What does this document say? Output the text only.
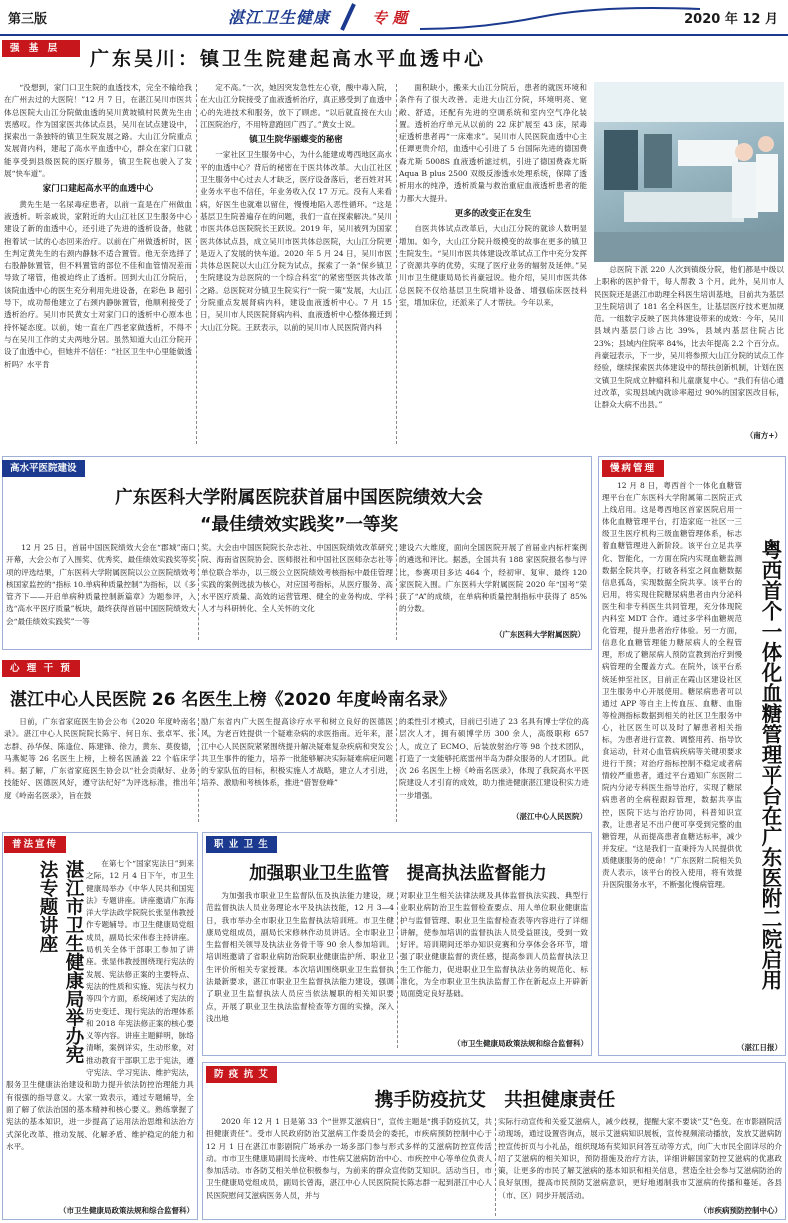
第三版	湛江卫生健康	专 题	2020 年 12 月
强 基 层	广东吴川：镇卫生院建起高水平血透中心

“没想到，家门口卫生院的血透技术，完全不输给我在广州去过的大医院！”12 月 7 日，在湛江吴川市医共体总医院大山江分院做血透的吴川黄坡镇村民黄先生由衷感叹。作为国家医共体试点县，吴川在试点建设中，探索出一条独特的镇卫生院发展之路。大山江分院重点发展肾内科，建起了高水平血透中心，群众在家门口就能享受到县级医院的医疗服务，镇卫生院也驶入了发展“快车道”。

家门口建起高水平的血透中心

黄先生是一名尿毒症患者，以前一直是在广州做血液透析。听亲戚说，家附近的大山江社区卫生服务中心建设了新的血透中心，还引进了先进的透析设备，他就抱着试一试的心态回来治疗。以前在广州做透析时，医生判定黄先生的右颈内静脉不适合置管。他无奈选择了右股静脉置管，但不料置管的部位不佳和血管情况差而导致了堵管，他被迫终止了透析。回到大山江分院后，该院血透中心的医生充分利用先进设备，在彩色 B 超引导下，成功帮他建立了右颈内静脉置管，他顺利接受了透析治疗。吴川市民黄女士对家门口的透析中心原本也持怀疑态度。以前，她一直在广西老家做透析，不得不与在吴川工作的丈夫两地分居。虽然知道大山江分院开设了血透中心，但她并不信任：“社区卫生中心里能做透析吗？水平肯

定不高。”一次，她因突发急性左心衰，酸中毒入院，在大山江分院接受了血液透析治疗，真正感受到了血透中心的先进技术和服务，放下了顾虑。“以后就直接在大山江医院治疗，不用特意跑回广西了。”黄女士说。

镇卫生院华丽蝶变的秘密

一家社区卫生服务中心，为什么能建成粤西地区高水平的血透中心？背后的秘密在于医共体改革。大山江社区卫生服务中心过去人才缺乏，医疗设备落后，老百姓对其业务水平也不信任，年业务收入仅 17 万元。没有人来看病，好医生也就难以留住，慢慢地陷入恶性循环。“这是基层卫生院普遍存在的问题，我们一直在探索解决。”吴川市医共体总医院院长王跃说。2019 年，吴川被列为国家医共体试点县，成立吴川市医共体总医院，大山江分院更是迈入了发展的快车道。2020 年 5 月 24 日，吴川市医共体总医院以大山江分院为试点，探索了一条“保乡镇卫生院建设为总医院的一个综合科室”的紧密型医共体改革之路。总医院对分镇卫生院实行“一院一策”发展，大山江分院重点发展肾病内科，建设血液透析中心。7 月 15 日，吴川市人民医院肾病内科、血液透析中心整体搬迁到大山江分院。王跃表示，以前的吴川市人民医院肾内科

面积缺小，搬来大山江分院后，患者的就医环境和条件有了很大改善。走进大山江分院，环境明亮、宽敞、舒适，还配有先进的空调系统和室内空气净化装置。透析治疗单元从以前的 22 床扩展至 43 床，尿毒症透析患者再“一床难求”。吴川市人民医院血透中心主任谭更贵介绍，血透中心引进了 5 台国际先进的德国费森尤斯 5008S 血液透析滤过机，引进了德国费森尤斯 Aqua B plus 2500 双级反渗透水处理系统，保障了透析用水的纯净，透析质量与救治重症血液透析患者的能力都大大提升。

更多的改变正在发生

自医共体试点改革后，大山江分院的就诊人数明显增加。如今，大山江分院升级模变的故事在更多的镇卫生院发生。“吴川市医共体建设改革试点工作中充分发挥了资源共享的优势，实现了医疗业务的辐射及延伸。”吴川市卫生健康局局长肖豪冠说。他介绍，吴川市医共体总医院不仅给基层卫生院增补设备、增强临床医技科室，增加床位，还派来了人才帮扶。今年以来，

总医院下派 220 人次到镇级分院，他们都是中级以上职称的医护骨干，每人帮教 3 个月。此外，吴川市人民医院还是湛江市助理全科医生培训基地，目前共为基层卫生院培训了 181 名全科医生，让基层医疗技术更加规范。一组数字反映了医共体建设带来的成效：今年，吴川县域内基层门诊占比 39%，县域内基层住院占比 23%；县域内住院率 84%，比去年提高 2.2 个百分点。肖豪冠表示，下一步，吴川将参照大山江分院的试点工作经验，继续探索医共体建设中的帮扶创新机制，计划在医文镇卫生院成立肿瘤科和儿童康复中心。“我们有信心通过改革，实现县域内就诊率超过 90%的国家医改目标，让群众大病不出县。”

（南方+）
高水平医院建设
广东医科大学附属医院获首届中国医院绩效大会
“最佳绩效实践奖”一等奖

12 月 25 日，首届中国医院绩效大会在“郡城”南口开幕，大会公布了入围奖、优秀奖、最佳绩效实践奖等奖项的评选结果，广东医科大学附属医院以公立医院绩效考核国家监控的“指标 10.单病种质量控制”为指标，以《多管齐下——开启单病种质量控制新篇章》为题参评，入选“高水平医疗质量”板块，最终获得首届中国医院绩效大会“最佳绩效实践奖”一等

奖。大会由中国医院院长杂志社、中国医院绩效改革研究院、海南省医院协会、医师报社和中国社区医师杂志社等单位联合举办，以三级公立医院绩效考核指标中最佳管理实践的案例选拔为核心，对应国考指标，从医疗服务、高水平医疗质量、高效的运营管理、健全的业务构成、学科人才与科研转化、全人关怀的文化

建设六大维度，面向全国医院开展了首届业内标杆案例的遴选和评比。据悉，全国共有 188 家医院报名参与评比，参赛项目多达 464 个，经初审、复审、最终 120 家医院入围。广东医科大学附属医院 2020 年“国考”荣获了“A”的成绩，在单病种质量控制指标中获得了 85%的分数。

（广东医科大学附属医院）
慢病管理

12 月 8 日，粤西首个一体化血糖管理平台在广东医科大学附属第二医院正式上线启用。这是粤西地区首家医院启用一体化血糖管理平台，打造家庭一社区一三级卫生医疗机构三级血糖管理体系，标志着血糖管理进入新阶段。该平台立足共享化、智能化，一方面在院内实现血糖监测数据全院共享，打破各科室之间血糖数据信息孤岛，实现数据全院共享。该平台的启用，将实现住院糖尿病患者由内分泌科医生和非专科医生共同管理，充分体现院内科室 MDT 合作。通过多学科血糖规范化管理，提升患者治疗体验。另一方面，信息化血糖管理能力糖尿病人的全程管理，形成了糖尿病人预防宣教到治疗到慢病管理的全覆盖方式。在院外，该平台系统延伸至社区，目前正在霞山区建设社区卫生服务中心开展使用。糖尿病患者可以通过 APP 等自主上传血压、血糖、血脂等检测指标数据到相关的社区卫生服务中心，社区医生可以及时了解患者相关指标，为患者进行宣教、调整用药、指导饮食运动，针对心血管病疾病等关键项要求进行干预；对治疗指标控制不稳定或者病情较严重患者，通过平台通知广东医附二院内分泌专科医生指导治疗，实现了糖尿病患者的全病程跟踪管理，数据共享监控，医院下达与治疗协同，科普知识宣教，让患者足不出户便可享受到完整的血糖管理，从而提高患者血糖达标率，减少并发症。“这是我们一直秉持为人民提供优质健康服务的使命！”广东医附二院相关负责人表示，该平台的投入使用，将有效提升医院服务水平，不断强化慢病管理。	粤西首个一体化血糖管理平台在广东医附二院启用
（湛江日报）
心 理 干 预
湛江中心人民医院 26 名医生上榜《2020 年度岭南名录》

日前，广东省家庭医生协会公布《2020 年度岭南名录》。湛江中心人民医院院长陈宇、何日东、张卓军、张志群、孙华保、陈逢位、陈建锋、徐力，黄东、莫俊德，马燕妮等 26 名医生上榜，上榜名医涵盖 22 个临床学科。据了解，广东省家庭医生协会以“社会贡献好、业务技能好、医德医风好，遵守法纪好”为评选标准，推出年度《岭南名医录》，旨在鼓

励广东省内广大医生提高诊疗水平和树立良好的医德医风，为老百姓提供一个疑难杂病的求医指南。近年来，湛江中心人民医院紧紧围绕提升解决疑难复杂疾病和突发公共卫生事件的能力，培养一批能够解决实际疑难病症问题的专家队伍的目标，积极实施人才战略，建立人才引进，培养、激励和考核体系，推进“借智登峰”

的柔性引才模式，目前已引进了 23 名具有博士学位的高层次人才，拥有硕博学历 300 余人，高级职称 657 人，成立了 ECMO、后装放射治疗等 98 个技术团队，打造了一支能够托底雷州半岛为群众服务的人才团队。此次 26 名医生上榜《岭南名医录》，体现了我院高水平医院建设人才引育的成效，助力推进健康湛江建设积实力进一步增强。

（湛江中心人民医院）
普法宣传
湛江市卫生健康局举办宪法专题讲座	在第七个“国家宪法日”到来之际，12 月 4 日下午，市卫生健康局举办《中华人民共和国宪法》专题讲座。讲座邀请广东海洋大学法政学院院长张显伟教授作专题辅导。市卫生健康局党组成员，副局长宋伟春主持讲座。局机关全体干部职工参加了讲座。张显伟教授围绕现行宪法的发展、宪法修正案的主要特点、宪法的性质和实施、宪法与权力等四个方面，系统阐述了宪法的历史变迁、现行宪法的治理体系和 2018 年宪法修正案的核心要义等内容。讲座主题鲜明，脉络清晰，案例详实，生动形象，对推动教育干部职工忠于宪法，遵守宪法、学习宪法、维护宪法，服务卫生健康法治建设和助力提升依法防控治理能力具有很强的指导意义。大家一致表示，通过专题辅导，全面了解了依法治国的基本精神和核心要义。熟练掌握了宪法的基本知识，进一步提高了运用法治思维和法治方式深化改革、推动发展、化解矛盾、维护稳定的能力和水平。

（市卫生健康局政策法规和综合监督科）
职 业 卫 生
加强职业卫生监管　提高执法监督能力

为加强我市职业卫生监督队伍及执法能力建设，规范监督执法人员业务理论水平及执法技能，12 月 3—4 日，我市举办全市职业卫生监督执法培训班。市卫生健康局党组成员，副局长宋修林作动员讲话。全市职业卫生监督相关领导及执法业务骨干等 90 余人参加培训。培训班邀请了省职业病防治院职业健康监护所、职业卫生评价所相关专家授课。本次培训围绕职业卫生监督执法最新要求，湛江市职业卫生监督执法能力建设，强调了职业卫生监督执法人员应当依法履职的相关知识要点，开展了职业卫生执法监督检查等方面的实操，深入浅出地

对职业卫生相关法律法规及具体监督执法实践、典型行业职业病防治卫生监督检查要点、用人单位职业健康监护与监督管理、职业卫生监督检查表等内容进行了详细讲解，使参加培训的监督执法人员受益匪浅，受到一致好评。培训期间还举办知识竞赛和分享体会各环节，增强了职业健康监督的责任感，提高参训人员监督执法卫生工作能力，促进职业卫生监督执法业务的规范化、标准化，为全市职业卫生执法监督工作在新起点上开辟新局面奠定良好基础。

（市卫生健康局政策法规和综合监督科）
防 疫 抗 艾
携手防疫抗艾　共担健康责任

2020 年 12 月 1 日是第 33 个“世界艾滋病日”，宣传主题是“携手防疫抗艾，共担健康责任”。受市人民政府防治艾滋病工作委员会的委托，市疾病预防控制中心于 12 月 1 日在湛江市影剧院广场承办一场多部门参与形式多样的艾滋病防控宣传活动。市市卫生健康局副局长庞岭、市性病艾滋病防治中心、市疾控中心等单位负责人参加活动。市各防艾相关单位积极参与，为前来的群众宣传防艾知识。活动当日，市卫生健康局党组成员，副局长曾海，湛江中心人民医院院长陈志群一起到湛江中心人民医院慰问艾滋病医务人员，并与

实际行动宣传和关爱艾滋病人，减少歧视，提醒大家不要谈“艾”色变。在市影剧院活动现场，通过设置咨询点，展示艾滋病知识展板，宣传视频滚动播放，发放艾滋病防控宣传折页与小礼品，组织现场有奖知识问答互动等方式，向广大市民全面详尽的介绍了艾滋病的相关知识，预防措施及治疗方法，详细讲解国家防控艾滋病的优惠政策，让更多的市民了解艾滋病的基本知识和相关信息，营造全社会参与艾滋病防治的良好氛围，提高市民预防艾滋病意识，更好地遏制我市艾滋病的传播和蔓延。各县（市、区）同步开展活动。

（市疾病预防控制中心）
